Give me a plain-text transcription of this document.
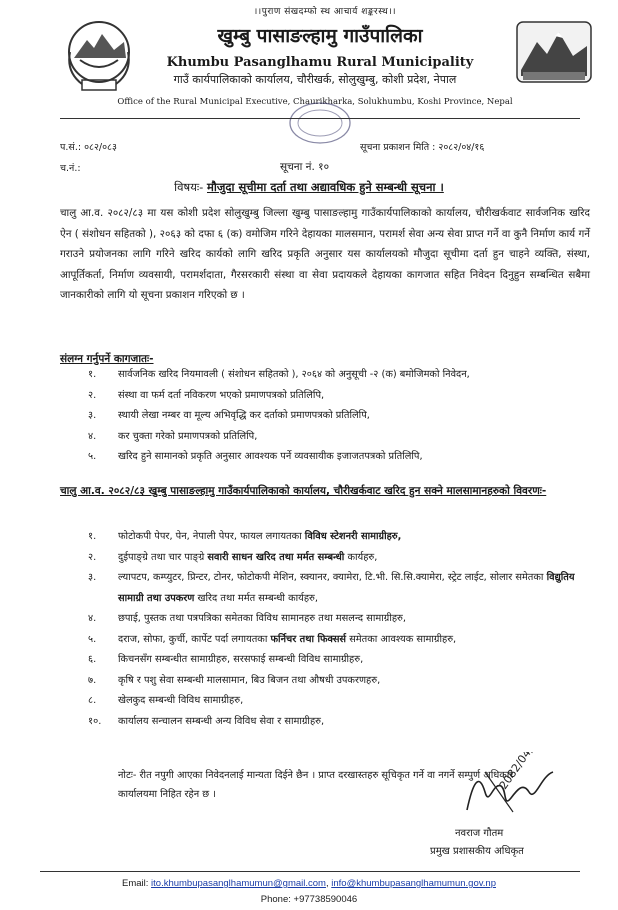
।।पुराण संखदम्फो स्थ आचार्य शङ्करस्थ।।
खुम्बु पासाङल्हामु गाउँपालिका
Khumbu Pasanglhamu Rural Municipality
गाउँ कार्यपालिकाको कार्यालय, चौरीखर्क, सोलुखुम्बु, कोशी प्रदेश, नेपाल
Office of the Rural Municipal Executive, Chaurikharka, Solukhumbu, Koshi Province, Nepal
प.सं.: ०८२/०८३	सूचना प्रकाशन मिति : २०८२/०४/१६
च.नं.:	सूचना नं. १०
विषयः- मौजुदा सूचीमा दर्ता तथा अद्यावधिक हुने सम्बन्धी सूचना ।
चालु आ.व. २०८२/८३ मा यस कोशी प्रदेश सोलुखुम्बु जिल्ला खुम्बु पासाङल्हामु गाउँकार्यपालिकाको कार्यालय, चौरीखर्कवाट सार्वजनिक खरिद ऐन ( संशोधन सहितको ), २०६३ को दफा ६ (क) वमोजिम गरिने देहायका मालसमान, परामर्श सेवा अन्य सेवा प्राप्त गर्ने वा कुनै निर्माण कार्य गर्ने गराउने प्रयोजनका लागि गरिने खरिद कार्यको लागि खरिद प्रकृति अनुसार यस कार्यालयको मौजुदा सूचीमा दर्ता हुन चाहने व्यक्ति, संस्था, आपूर्तिकर्ता, निर्माण व्यवसायी, परामर्शदाता, गैरसरकारी संस्था वा सेवा प्रदायकले देहायका कागजात सहित निवेदन दिनुहुन सम्बन्धित सबैमा जानकारीको लागि यो सूचना प्रकाशन गरिएको छ ।
संलग्न गर्नुपर्ने कागजातः-
१. सार्वजनिक खरिद नियमावली ( संशोधन सहितको ), २०६४ को अनुसूची -२ (क) बमोजिमको निवेदन,
२. संस्था वा फर्म दर्ता नविकरण भएको प्रमाणपत्रको प्रतिलिपि,
३. स्थायी लेखा नम्बर वा मूल्य अभिवृद्धि कर दर्ताको प्रमाणपत्रको प्रतिलिपि,
४. कर चुक्ता गरेको प्रमाणपत्रको प्रतिलिपि,
५. खरिद हुने सामानको प्रकृति अनुसार आवश्यक पर्ने व्यवसायीक इजाजतपत्रको प्रतिलिपि,
चालु आ.व. २०८२/८३ खुम्बु पासाङल्हामु गाउँकार्यपालिकाको कार्यालय, चौरीखर्कवाट खरिद हुन सक्ने मालसामानहरुको विवरणः-
१. फोटोकपी पेपर, पेन, नेपाली पेपर, फायल लगायतका विविध स्टेशनरी सामाग्रीहरु,
२. दुईपाङ्ग्रे तथा चार पाङ्ग्रे सवारी साधन खरिद तथा मर्मत सम्बन्धी कार्यहरु,
३. ल्यापटप, कम्प्युटर, प्रिन्टर, टोनर, फोटोकपी मेशिन, स्क्यानर, क्यामेरा, टि.भी. सि.सि.क्यामेरा, स्ट्रेट लाईट, सोलार समेतका विद्युतिय सामाग्री तथा उपकरण खरिद तथा मर्मत सम्बन्धी कार्यहरु,
४. छपाई, पुस्तक तथा पत्रपत्रिका समेतका विविध सामानहरु तथा मसलन्द सामाग्रीहरु,
५. दराज, सोफा, कुर्ची, कार्पेट पर्दा लगायतका फर्निचर तथा फिक्सर्स समेतका आवश्यक सामाग्रीहरु,
६. किचनसँग सम्बन्धीत सामाग्रीहरु, सरसफाई सम्बन्धी विविध सामाग्रीहरु,
७. कृषि र पशु सेवा सम्बन्धी मालसामान, बिउ बिजन तथा औषधी उपकरणहरु,
८. खेलकुद सम्बन्धी विविध सामाग्रीहरु,
१०. कार्यालय सन्चालन सम्बन्धी अन्य विविध सेवा र सामाग्रीहरु,
नोटः- रीत नपुगी आएका निवेदनलाई मान्यता दिईने छैन । प्राप्त दरखास्तहरु सूचिकृत गर्ने वा नगर्ने सम्पुर्ण अधिकार कार्यालयमा निहित रहेन छ ।
2082/04/16
नवराज गौतम
प्रमुख प्रशासकीय अधिकृत
Email: ito.khumbupasanglhamumun@gmail.com, info@khumbupasanglhamumun.gov.np
Phone: +97738590046
